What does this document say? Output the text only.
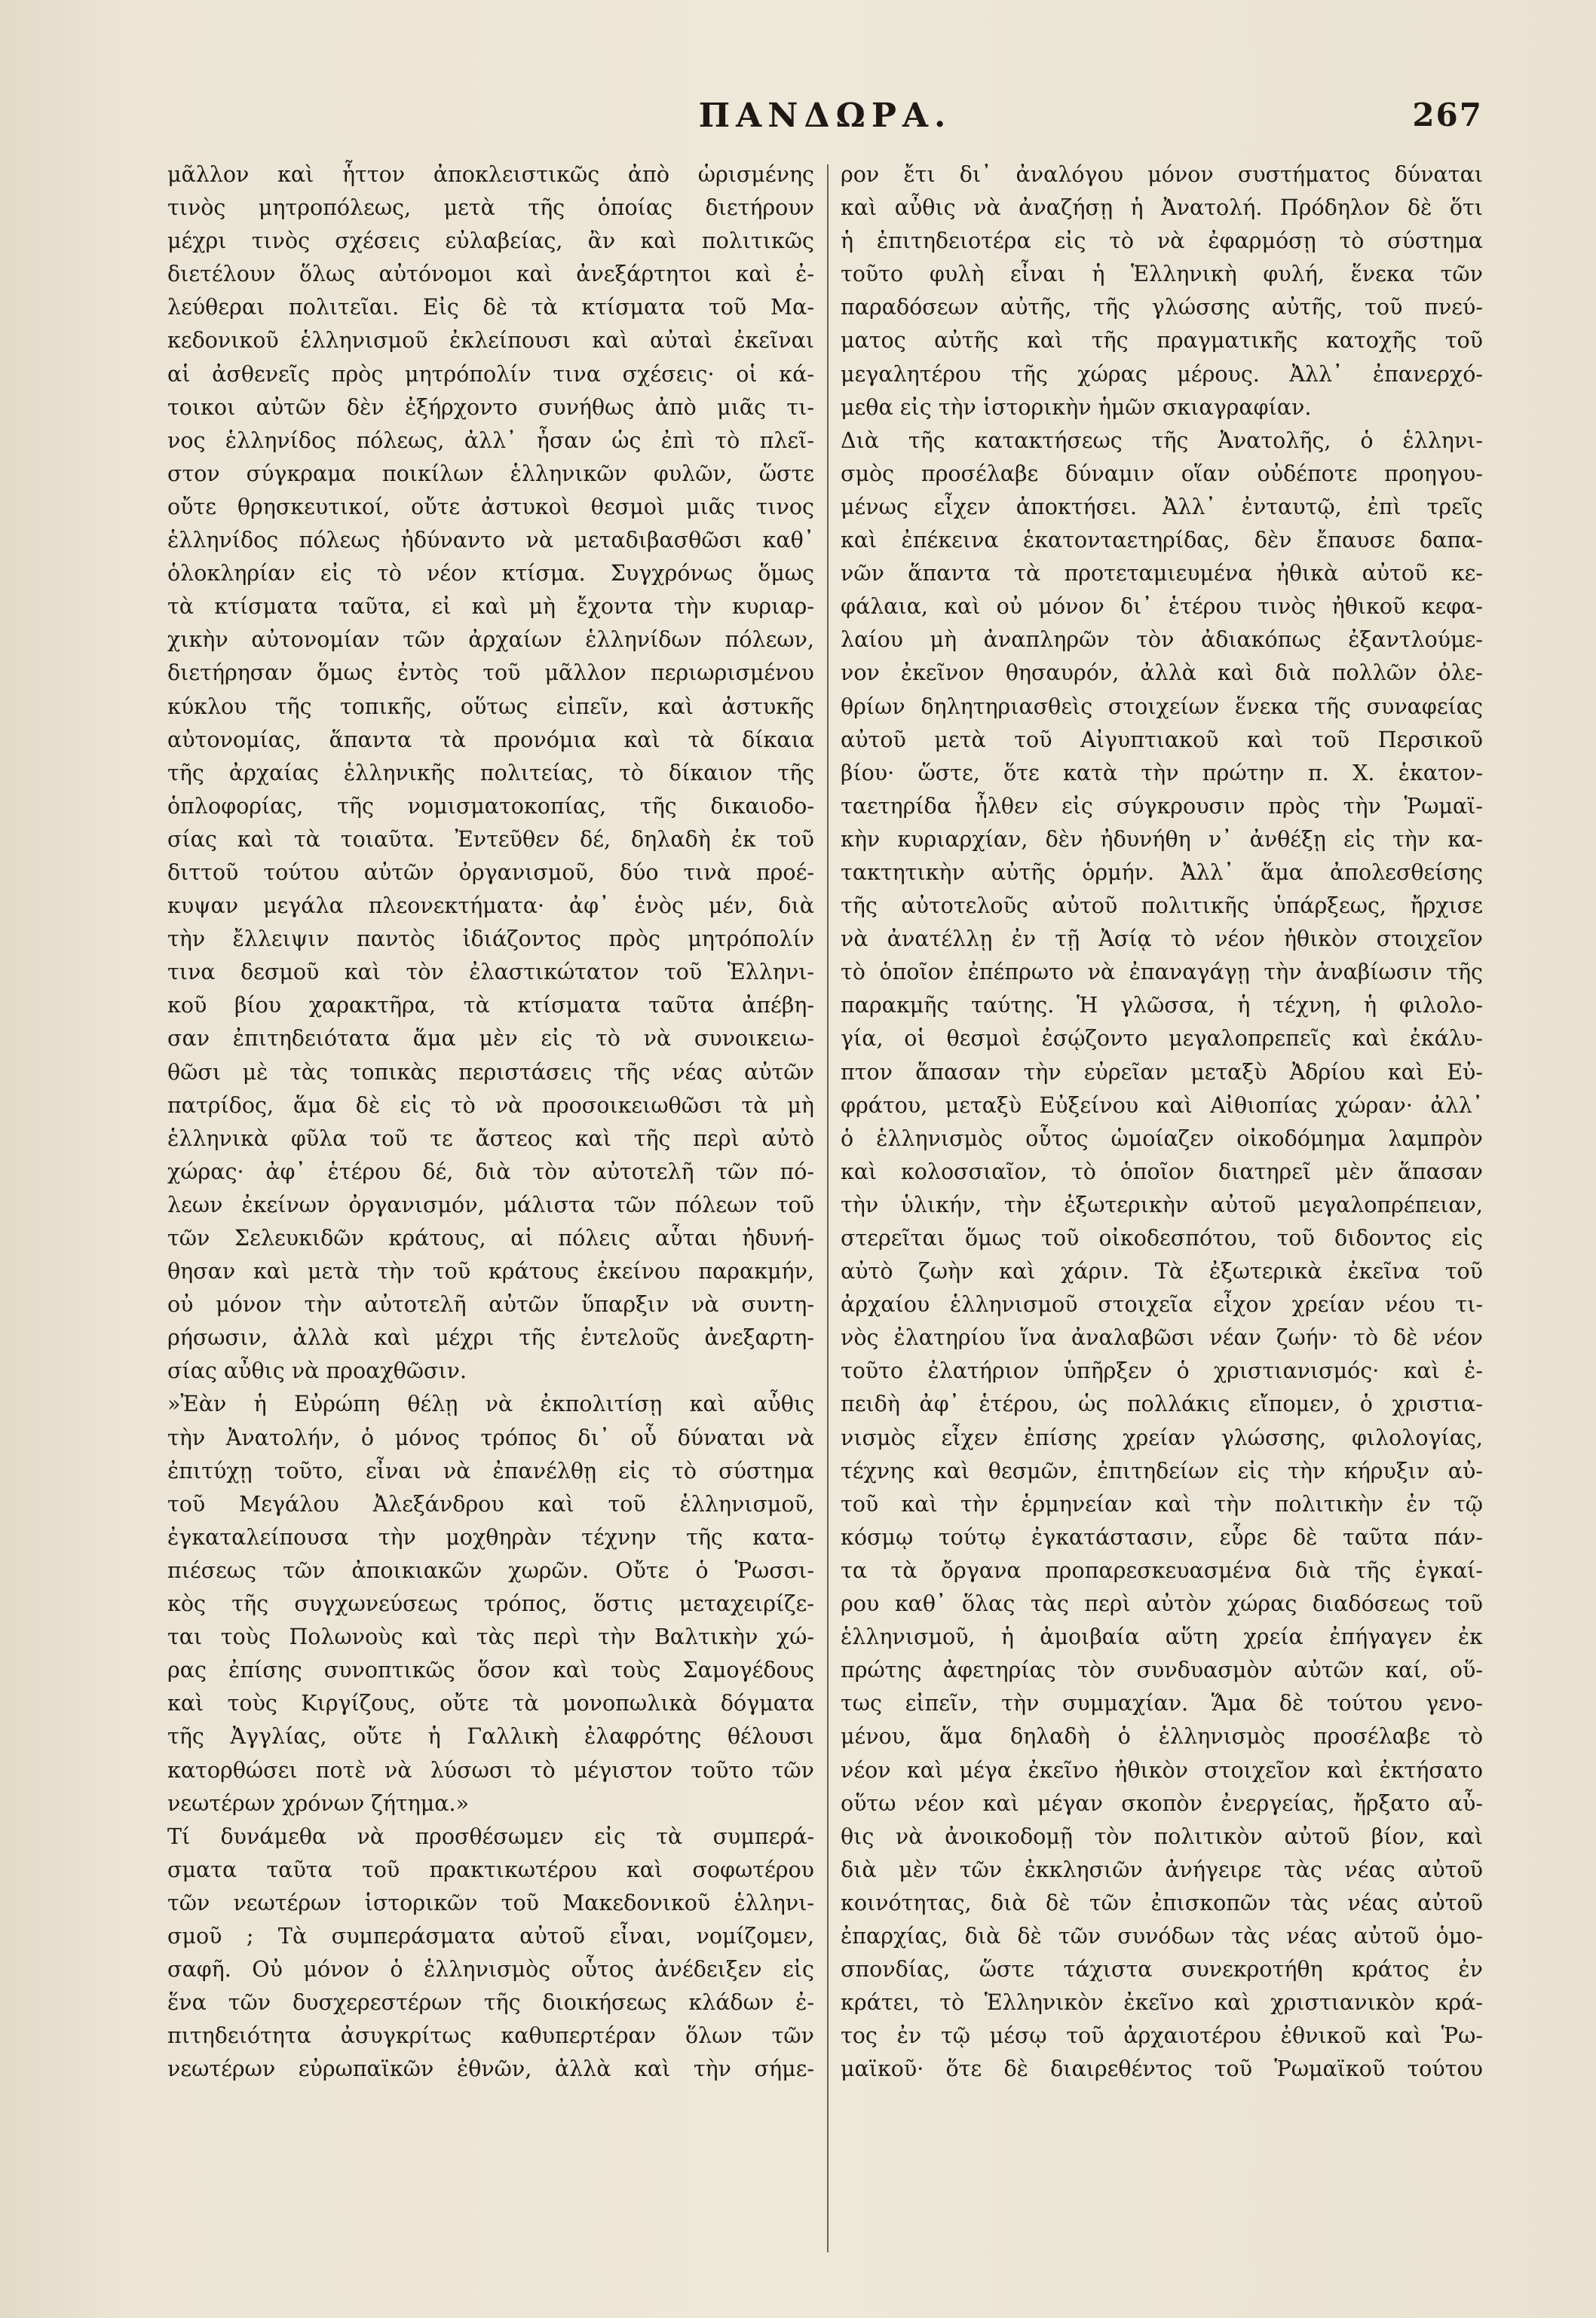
ΠΑΝΔΩΡΑ.	267
μᾶλλον καὶ ἧττον ἀποκλειστικῶς ἀπὸ ὡρισμένης
τινὸς μητροπόλεως, μετὰ τῆς ὁποίας διετήρουν
μέχρι τινὸς σχέσεις εὐλαβείας, ἂν καὶ πολιτικῶς
διετέλουν ὅλως αὐτόνομοι καὶ ἀνεξάρτητοι καὶ ἐ-
λεύθεραι πολιτεῖαι. Εἰς δὲ τὰ κτίσματα τοῦ Μα-
κεδονικοῦ ἑλληνισμοῦ ἐκλείπουσι καὶ αὐταὶ ἐκεῖναι
αἱ ἀσθενεῖς πρὸς μητρόπολίν τινα σχέσεις· οἱ κά-
τοικοι αὐτῶν δὲν ἐξήρχοντο συνήθως ἀπὸ μιᾶς τι-
νος ἑλληνίδος πόλεως, ἀλλ᾽ ἦσαν ὡς ἐπὶ τὸ πλεῖ-
στον σύγκραμα ποικίλων ἑλληνικῶν φυλῶν, ὥστε
οὔτε θρησκευτικοί, οὔτε ἀστυκοὶ θεσμοὶ μιᾶς τινος
ἑλληνίδος πόλεως ἠδύναντο νὰ μεταδιβασθῶσι καθ᾽
ὁλοκληρίαν εἰς τὸ νέον κτίσμα. Συγχρόνως ὅμως
τὰ κτίσματα ταῦτα, εἰ καὶ μὴ ἔχοντα τὴν κυριαρ-
χικὴν αὐτονομίαν τῶν ἀρχαίων ἑλληνίδων πόλεων,
διετήρησαν ὅμως ἐντὸς τοῦ μᾶλλον περιωρισμένου
κύκλου τῆς τοπικῆς, οὕτως εἰπεῖν, καὶ ἀστυκῆς
αὐτονομίας, ἅπαντα τὰ προνόμια καὶ τὰ δίκαια
τῆς ἀρχαίας ἑλληνικῆς πολιτείας, τὸ δίκαιον τῆς
ὁπλοφορίας, τῆς νομισματοκοπίας, τῆς δικαιοδο-
σίας καὶ τὰ τοιαῦτα. Ἐντεῦθεν δέ, δηλαδὴ ἐκ τοῦ
διττοῦ τούτου αὐτῶν ὀργανισμοῦ, δύο τινὰ προέ-
κυψαν μεγάλα πλεονεκτήματα· ἀφ᾽ ἑνὸς μέν, διὰ
τὴν ἔλλειψιν παντὸς ἰδιάζοντος πρὸς μητρόπολίν
τινα δεσμοῦ καὶ τὸν ἐλαστικώτατον τοῦ Ἑλληνι-
κοῦ βίου χαρακτῆρα, τὰ κτίσματα ταῦτα ἀπέβη-
σαν ἐπιτηδειότατα ἅμα μὲν εἰς τὸ νὰ συνοικειω-
θῶσι μὲ τὰς τοπικὰς περιστάσεις τῆς νέας αὐτῶν
πατρίδος, ἅμα δὲ εἰς τὸ νὰ προσοικειωθῶσι τὰ μὴ
ἑλληνικὰ φῦλα τοῦ τε ἄστεος καὶ τῆς περὶ αὐτὸ
χώρας· ἀφ᾽ ἑτέρου δέ, διὰ τὸν αὐτοτελῆ τῶν πό-
λεων ἐκείνων ὀργανισμόν, μάλιστα τῶν πόλεων τοῦ
τῶν Σελευκιδῶν κράτους, αἱ πόλεις αὗται ἠδυνή-
θησαν καὶ μετὰ τὴν τοῦ κράτους ἐκείνου παρακμήν,
οὐ μόνον τὴν αὐτοτελῆ αὐτῶν ὕπαρξιν νὰ συντη-
ρήσωσιν, ἀλλὰ καὶ μέχρι τῆς ἐντελοῦς ἀνεξαρτη-
σίας αὖθις νὰ προαχθῶσιν.
»Ἐὰν ἡ Εὐρώπη θέλῃ νὰ ἐκπολιτίσῃ καὶ αὖθις
τὴν Ἀνατολήν, ὁ μόνος τρόπος δι᾽ οὗ δύναται νὰ
ἐπιτύχῃ τοῦτο, εἶναι νὰ ἐπανέλθῃ εἰς τὸ σύστημα
τοῦ Μεγάλου Ἀλεξάνδρου καὶ τοῦ ἑλληνισμοῦ,
ἐγκαταλείπουσα τὴν μοχθηρὰν τέχνην τῆς κατα-
πιέσεως τῶν ἀποικιακῶν χωρῶν. Οὔτε ὁ Ῥωσσι-
κὸς τῆς συγχωνεύσεως τρόπος, ὅστις μεταχειρίζε-
ται τοὺς Πολωνοὺς καὶ τὰς περὶ τὴν Βαλτικὴν χώ-
ρας ἐπίσης συνοπτικῶς ὅσον καὶ τοὺς Σαμογέδους
καὶ τοὺς Κιργίζους, οὔτε τὰ μονοπωλικὰ δόγματα
τῆς Ἀγγλίας, οὔτε ἡ Γαλλικὴ ἐλαφρότης θέλουσι
κατορθώσει ποτὲ νὰ λύσωσι τὸ μέγιστον τοῦτο τῶν
νεωτέρων χρόνων ζήτημα.»
Τί δυνάμεθα νὰ προσθέσωμεν εἰς τὰ συμπερά-
σματα ταῦτα τοῦ πρακτικωτέρου καὶ σοφωτέρου
τῶν νεωτέρων ἱστορικῶν τοῦ Μακεδονικοῦ ἑλληνι-
σμοῦ ; Τὰ συμπεράσματα αὐτοῦ εἶναι, νομίζομεν,
σαφῆ. Οὐ μόνον ὁ ἑλληνισμὸς οὗτος ἀνέδειξεν εἰς
ἕνα τῶν δυσχερεστέρων τῆς διοικήσεως κλάδων ἐ-
πιτηδειότητα ἀσυγκρίτως καθυπερτέραν ὅλων τῶν
νεωτέρων εὐρωπαϊκῶν ἐθνῶν, ἀλλὰ καὶ τὴν σήμε-
ρον ἔτι δι᾽ ἀναλόγου μόνον συστήματος δύναται
καὶ αὖθις νὰ ἀναζήσῃ ἡ Ἀνατολή. Πρόδηλον δὲ ὅτι
ἡ ἐπιτηδειοτέρα εἰς τὸ νὰ ἐφαρμόσῃ τὸ σύστημα
τοῦτο φυλὴ εἶναι ἡ Ἑλληνικὴ φυλή, ἕνεκα τῶν
παραδόσεων αὐτῆς, τῆς γλώσσης αὐτῆς, τοῦ πνεύ-
ματος αὐτῆς καὶ τῆς πραγματικῆς κατοχῆς τοῦ
μεγαλητέρου τῆς χώρας μέρους. Ἀλλ᾽ ἐπανερχό-
μεθα εἰς τὴν ἱστορικὴν ἡμῶν σκιαγραφίαν.
Διὰ τῆς κατακτήσεως τῆς Ἀνατολῆς, ὁ ἑλληνι-
σμὸς προσέλαβε δύναμιν οἵαν οὐδέποτε προηγου-
μένως εἶχεν ἀποκτήσει. Ἀλλ᾽ ἐνταυτῷ, ἐπὶ τρεῖς
καὶ ἐπέκεινα ἑκατονταετηρίδας, δὲν ἔπαυσε δαπα-
νῶν ἅπαντα τὰ προτεταμιευμένα ἠθικὰ αὐτοῦ κε-
φάλαια, καὶ οὐ μόνον δι᾽ ἑτέρου τινὸς ἠθικοῦ κεφα-
λαίου μὴ ἀναπληρῶν τὸν ἀδιακόπως ἐξαντλούμε-
νον ἐκεῖνον θησαυρόν, ἀλλὰ καὶ διὰ πολλῶν ὀλε-
θρίων δηλητηριασθεὶς στοιχείων ἕνεκα τῆς συναφείας
αὐτοῦ μετὰ τοῦ Αἰγυπτιακοῦ καὶ τοῦ Περσικοῦ
βίου· ὥστε, ὅτε κατὰ τὴν πρώτην π. Χ. ἑκατον-
ταετηρίδα ἦλθεν εἰς σύγκρουσιν πρὸς τὴν Ῥωμαϊ-
κὴν κυριαρχίαν, δὲν ἠδυνήθη ν᾽ ἀνθέξῃ εἰς τὴν κα-
τακτητικὴν αὐτῆς ὁρμήν. Ἀλλ᾽ ἅμα ἀπολεσθείσης
τῆς αὐτοτελοῦς αὐτοῦ πολιτικῆς ὑπάρξεως, ἤρχισε
νὰ ἀνατέλλῃ ἐν τῇ Ἀσίᾳ τὸ νέον ἠθικὸν στοιχεῖον
τὸ ὁποῖον ἐπέπρωτο νὰ ἐπαναγάγῃ τὴν ἀναβίωσιν τῆς
παρακμῆς ταύτης. Ἡ γλῶσσα, ἡ τέχνη, ἡ φιλολο-
γία, οἱ θεσμοὶ ἐσῴζοντο μεγαλοπρεπεῖς καὶ ἐκάλυ-
πτον ἅπασαν τὴν εὐρεῖαν μεταξὺ Ἀδρίου καὶ Εὐ-
φράτου, μεταξὺ Εὐξείνου καὶ Αἰθιοπίας χώραν· ἀλλ᾽
ὁ ἑλληνισμὸς οὗτος ὡμοίαζεν οἰκοδόμημα λαμπρὸν
καὶ κολοσσιαῖον, τὸ ὁποῖον διατηρεῖ μὲν ἅπασαν
τὴν ὑλικήν, τὴν ἐξωτερικὴν αὐτοῦ μεγαλοπρέπειαν,
στερεῖται ὅμως τοῦ οἰκοδεσπότου, τοῦ διδοντος εἰς
αὐτὸ ζωὴν καὶ χάριν. Τὰ ἐξωτερικὰ ἐκεῖνα τοῦ
ἀρχαίου ἑλληνισμοῦ στοιχεῖα εἶχον χρείαν νέου τι-
νὸς ἐλατηρίου ἵνα ἀναλαβῶσι νέαν ζωήν· τὸ δὲ νέον
τοῦτο ἐλατήριον ὑπῆρξεν ὁ χριστιανισμός· καὶ ἐ-
πειδὴ ἀφ᾽ ἑτέρου, ὡς πολλάκις εἴπομεν, ὁ χριστια-
νισμὸς εἶχεν ἐπίσης χρείαν γλώσσης, φιλολογίας,
τέχνης καὶ θεσμῶν, ἐπιτηδείων εἰς τὴν κήρυξιν αὐ-
τοῦ καὶ τὴν ἑρμηνείαν καὶ τὴν πολιτικὴν ἐν τῷ
κόσμῳ τούτῳ ἐγκατάστασιν, εὗρε δὲ ταῦτα πάν-
τα τὰ ὄργανα προπαρεσκευασμένα διὰ τῆς ἐγκαί-
ρου καθ᾽ ὅλας τὰς περὶ αὐτὸν χώρας διαδόσεως τοῦ
ἑλληνισμοῦ, ἡ ἀμοιβαία αὕτη χρεία ἐπήγαγεν ἐκ
πρώτης ἀφετηρίας τὸν συνδυασμὸν αὐτῶν καί, οὕ-
τως εἰπεῖν, τὴν συμμαχίαν. Ἅμα δὲ τούτου γενο-
μένου, ἅμα δηλαδὴ ὁ ἑλληνισμὸς προσέλαβε τὸ
νέον καὶ μέγα ἐκεῖνο ἠθικὸν στοιχεῖον καὶ ἐκτήσατο
οὕτω νέον καὶ μέγαν σκοπὸν ἐνεργείας, ἤρξατο αὖ-
θις νὰ ἀνοικοδομῇ τὸν πολιτικὸν αὐτοῦ βίον, καὶ
διὰ μὲν τῶν ἐκκλησιῶν ἀνήγειρε τὰς νέας αὐτοῦ
κοινότητας, διὰ δὲ τῶν ἐπισκοπῶν τὰς νέας αὐτοῦ
ἐπαρχίας, διὰ δὲ τῶν συνόδων τὰς νέας αὐτοῦ ὁμο-
σπονδίας, ὥστε τάχιστα συνεκροτήθη κράτος ἐν
κράτει, τὸ Ἑλληνικὸν ἐκεῖνο καὶ χριστιανικὸν κρά-
τος ἐν τῷ μέσῳ τοῦ ἀρχαιοτέρου ἐθνικοῦ καὶ Ῥω-
μαϊκοῦ· ὅτε δὲ διαιρεθέντος τοῦ Ῥωμαϊκοῦ τούτου
